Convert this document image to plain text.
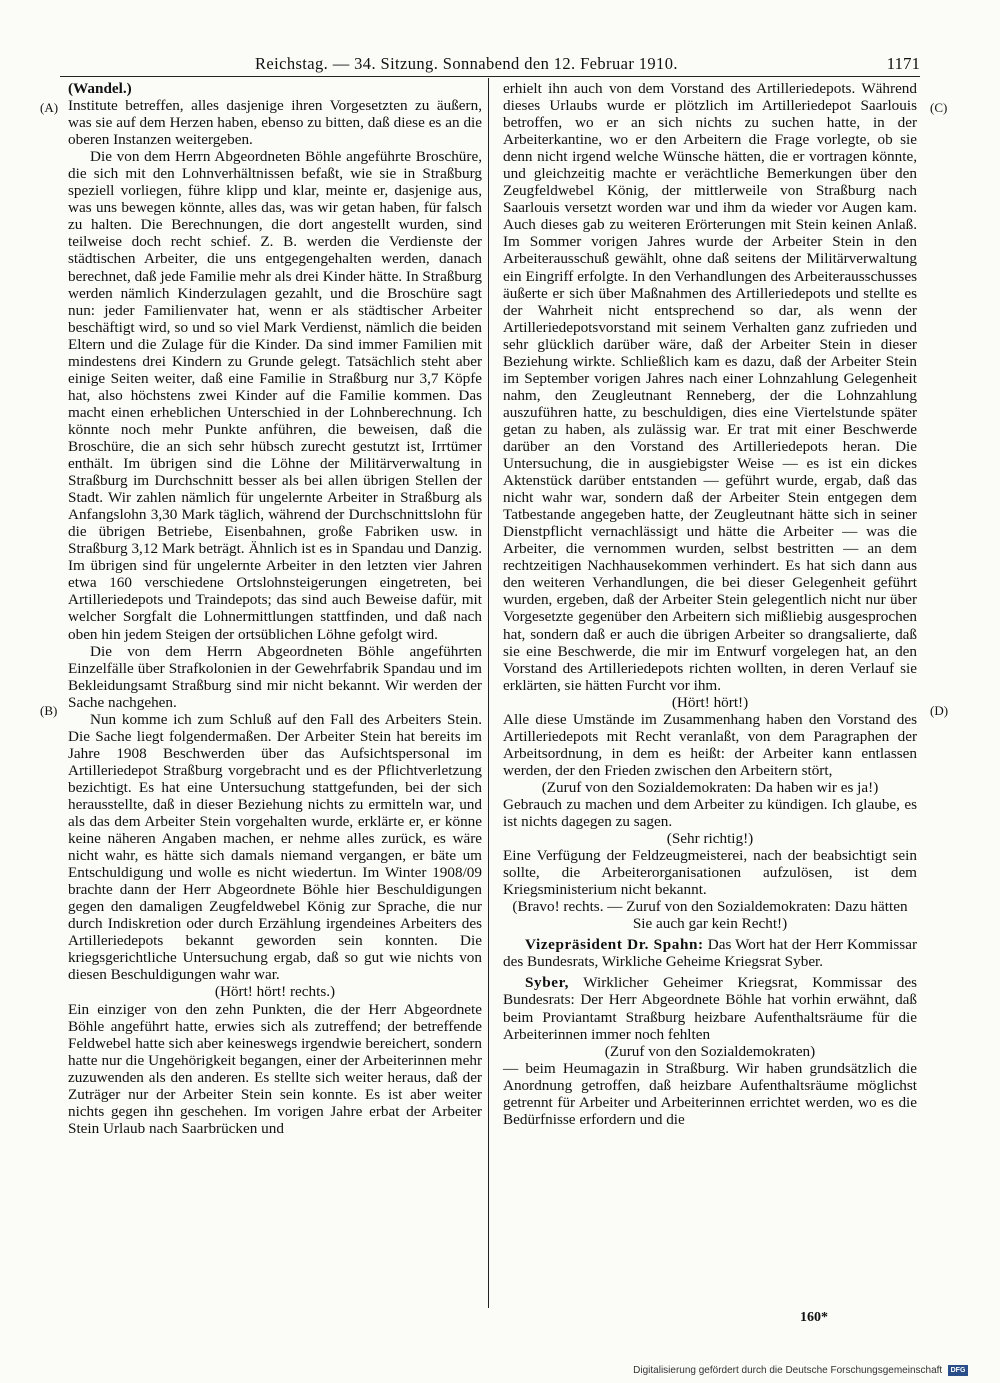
Reichstag. — 34. Sitzung. Sonnabend den 12. Februar 1910.	1171
(A)
(B)
(C)
(D)

(Wandel.)

Institute betreffen, alles dasjenige ihren Vorgesetzten zu äußern, was sie auf dem Herzen haben, ebenso zu bitten, daß diese es an die oberen Instanzen weitergeben.

Die von dem Herrn Abgeordneten Böhle angeführte Broschüre, die sich mit den Lohnverhältnissen befaßt, wie sie in Straßburg speziell vorliegen, führe klipp und klar, meinte er, dasjenige aus, was uns bewegen könnte, alles das, was wir getan haben, für falsch zu halten. Die Berechnungen, die dort angestellt wurden, sind teilweise doch recht schief. Z. B. werden die Verdienste der städtischen Arbeiter, die uns entgegengehalten werden, danach berechnet, daß jede Familie mehr als drei Kinder hätte. In Straßburg werden nämlich Kinderzulagen gezahlt, und die Broschüre sagt nun: jeder Familienvater hat, wenn er als städtischer Arbeiter beschäftigt wird, so und so viel Mark Verdienst, nämlich die beiden Eltern und die Zulage für die Kinder. Da sind immer Familien mit mindestens drei Kindern zu Grunde gelegt. Tatsächlich steht aber einige Seiten weiter, daß eine Familie in Straßburg nur 3,7 Köpfe hat, also höchstens zwei Kinder auf die Familie kommen. Das macht einen erheblichen Unterschied in der Lohnberechnung. Ich könnte noch mehr Punkte anführen, die beweisen, daß die Broschüre, die an sich sehr hübsch zurecht gestutzt ist, Irrtümer enthält. Im übrigen sind die Löhne der Militärverwaltung in Straßburg im Durchschnitt besser als bei allen übrigen Stellen der Stadt. Wir zahlen nämlich für ungelernte Arbeiter in Straßburg als Anfangslohn 3,30 Mark täglich, während der Durchschnittslohn für die übrigen Betriebe, Eisenbahnen, große Fabriken usw. in Straßburg 3,12 Mark beträgt. Ähnlich ist es in Spandau und Danzig. Im übrigen sind für ungelernte Arbeiter in den letzten vier Jahren etwa 160 verschiedene Ortslohnsteigerungen eingetreten, bei Artilleriedepots und Traindepots; das sind auch Beweise dafür, mit welcher Sorgfalt die Lohnermittlungen stattfinden, und daß nach oben hin jedem Steigen der ortsüblichen Löhne gefolgt wird.

Die von dem Herrn Abgeordneten Böhle angeführten Einzelfälle über Strafkolonien in der Gewehrfabrik Spandau und im Bekleidungsamt Straßburg sind mir nicht bekannt. Wir werden der Sache nachgehen.

Nun komme ich zum Schluß auf den Fall des Arbeiters Stein. Die Sache liegt folgendermaßen. Der Arbeiter Stein hat bereits im Jahre 1908 Beschwerden über das Aufsichtspersonal im Artilleriedepot Straßburg vorgebracht und es der Pflichtverletzung bezichtigt. Es hat eine Untersuchung stattgefunden, bei der sich herausstellte, daß in dieser Beziehung nichts zu ermitteln war, und als das dem Arbeiter Stein vorgehalten wurde, erklärte er, er könne keine näheren Angaben machen, er nehme alles zurück, es wäre nicht wahr, es hätte sich damals niemand vergangen, er bäte um Entschuldigung und wolle es nicht wiedertun. Im Winter 1908/09 brachte dann der Herr Abgeordnete Böhle hier Beschuldigungen gegen den damaligen Zeugfeldwebel König zur Sprache, die nur durch Indiskretion oder durch Erzählung irgendeines Arbeiters des Artilleriedepots bekannt geworden sein konnten. Die kriegsgerichtliche Untersuchung ergab, daß so gut wie nichts von diesen Beschuldigungen wahr war.

(Hört! hört! rechts.)

Ein einziger von den zehn Punkten, die der Herr Abgeordnete Böhle angeführt hatte, erwies sich als zutreffend; der betreffende Feldwebel hatte sich aber keineswegs irgendwie bereichert, sondern hatte nur die Ungehörigkeit begangen, einer der Arbeiterinnen mehr zuzuwenden als den anderen. Es stellte sich weiter heraus, daß der Zuträger nur der Arbeiter Stein sein konnte. Es ist aber weiter nichts gegen ihn geschehen. Im vorigen Jahre erbat der Arbeiter Stein Urlaub nach Saarbrücken und

erhielt ihn auch von dem Vorstand des Artilleriedepots. Während dieses Urlaubs wurde er plötzlich im Artilleriedepot Saarlouis betroffen, wo er an sich nichts zu suchen hatte, in der Arbeiterkantine, wo er den Arbeitern die Frage vorlegte, ob sie denn nicht irgend welche Wünsche hätten, die er vortragen könnte, und gleichzeitig machte er verächtliche Bemerkungen über den Zeugfeldwebel König, der mittlerweile von Straßburg nach Saarlouis versetzt worden war und ihm da wieder vor Augen kam. Auch dieses gab zu weiteren Erörterungen mit Stein keinen Anlaß. Im Sommer vorigen Jahres wurde der Arbeiter Stein in den Arbeiterausschuß gewählt, ohne daß seitens der Militärverwaltung ein Eingriff erfolgte. In den Verhandlungen des Arbeiterausschusses äußerte er sich über Maßnahmen des Artilleriedepots und stellte es der Wahrheit nicht entsprechend so dar, als wenn der Artilleriedepotsvorstand mit seinem Verhalten ganz zufrieden und sehr glücklich darüber wäre, daß der Arbeiter Stein in dieser Beziehung wirkte. Schließlich kam es dazu, daß der Arbeiter Stein im September vorigen Jahres nach einer Lohnzahlung Gelegenheit nahm, den Zeugleutnant Renneberg, der die Lohnzahlung auszuführen hatte, zu beschuldigen, dies eine Viertelstunde später getan zu haben, als zulässig war. Er trat mit einer Beschwerde darüber an den Vorstand des Artilleriedepots heran. Die Untersuchung, die in ausgiebigster Weise — es ist ein dickes Aktenstück darüber entstanden — geführt wurde, ergab, daß das nicht wahr war, sondern daß der Arbeiter Stein entgegen dem Tatbestande angegeben hatte, der Zeugleutnant hätte sich in seiner Dienstpflicht vernachlässigt und hätte die Arbeiter — was die Arbeiter, die vernommen wurden, selbst bestritten — an dem rechtzeitigen Nachhausekommen verhindert. Es hat sich dann aus den weiteren Verhandlungen, die bei dieser Gelegenheit geführt wurden, ergeben, daß der Arbeiter Stein gelegentlich nicht nur über Vorgesetzte gegenüber den Arbeitern sich mißliebig ausgesprochen hat, sondern daß er auch die übrigen Arbeiter so drangsalierte, daß sie eine Beschwerde, die mir im Entwurf vorgelegen hat, an den Vorstand des Artilleriedepots richten wollten, in deren Verlauf sie erklärten, sie hätten Furcht vor ihm.

(Hört! hört!)

Alle diese Umstände im Zusammenhang haben den Vorstand des Artilleriedepots mit Recht veranlaßt, von dem Paragraphen der Arbeitsordnung, in dem es heißt: der Arbeiter kann entlassen werden, der den Frieden zwischen den Arbeitern stört,

(Zuruf von den Sozialdemokraten: Da haben wir es ja!)

Gebrauch zu machen und dem Arbeiter zu kündigen. Ich glaube, es ist nichts dagegen zu sagen.

(Sehr richtig!)

Eine Verfügung der Feldzeugmeisterei, nach der beabsichtigt sein sollte, die Arbeiterorganisationen aufzulösen, ist dem Kriegsministerium nicht bekannt.

(Bravo! rechts. — Zuruf von den Sozialdemokraten: Dazu hätten Sie auch gar kein Recht!)

Vizepräsident Dr. Spahn: Das Wort hat der Herr Kommissar des Bundesrats, Wirkliche Geheime Kriegsrat Syber.

Syber, Wirklicher Geheimer Kriegsrat, Kommissar des Bundesrats: Der Herr Abgeordnete Böhle hat vorhin erwähnt, daß beim Proviantamt Straßburg heizbare Aufenthaltsräume für die Arbeiterinnen immer noch fehlten

(Zuruf von den Sozialdemokraten)

— beim Heumagazin in Straßburg. Wir haben grundsätzlich die Anordnung getroffen, daß heizbare Aufenthaltsräume möglichst getrennt für Arbeiter und Arbeiterinnen errichtet werden, wo es die Bedürfnisse erfordern und die

160*
Digitalisierung gefördert durch die Deutsche Forschungsgemeinschaft DFG
